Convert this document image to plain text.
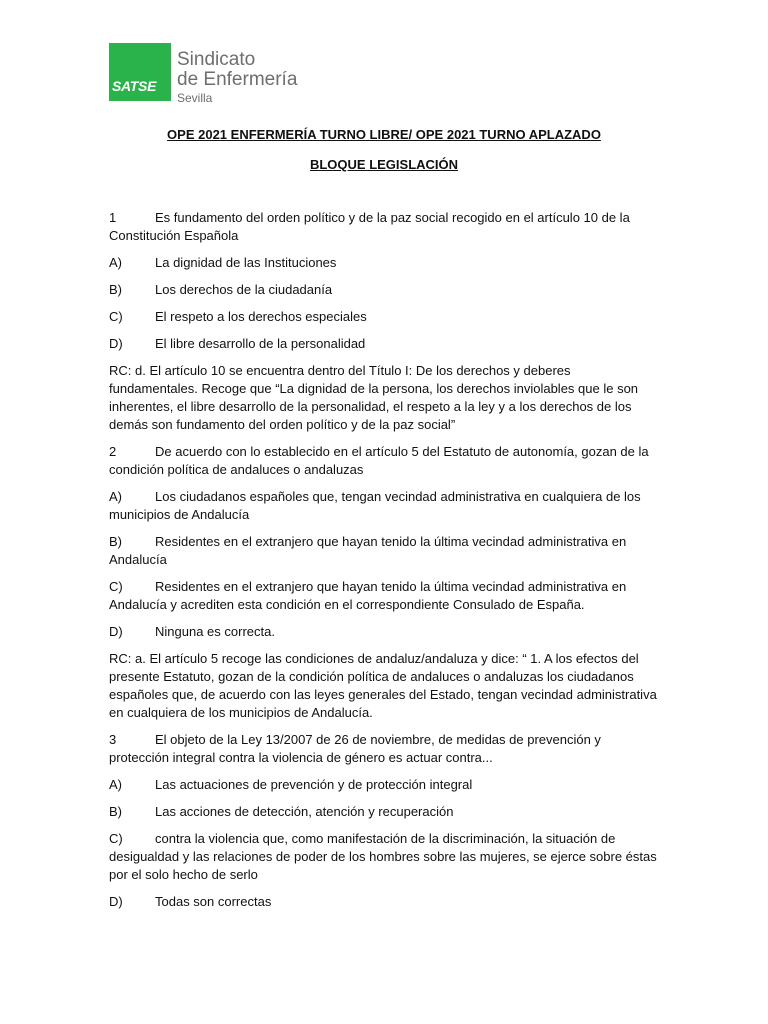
SATSE
Sindicato
de Enfermería
Sevilla
OPE 2021 ENFERMERÍA TURNO LIBRE/ OPE 2021 TURNO APLAZADO
BLOQUE LEGISLACIÓN

1	Es fundamento del orden político y de la paz social recogido en el artículo 10 de la Constitución Española

A)	La dignidad de las Instituciones

B)	Los derechos de la ciudadanía

C) El respeto a los derechos especiales

D) El libre desarrollo de la personalidad

RC: d. El artículo 10 se encuentra dentro del Título I: De los derechos y deberes fundamentales. Recoge que “La dignidad de la persona, los derechos inviolables que le son inherentes, el libre desarrollo de la personalidad, el respeto a la ley y a los derechos de los demás son fundamento del orden político y de la paz social”

2	De acuerdo con lo establecido en el artículo 5 del Estatuto de autonomía, gozan de la condición política de andaluces o andaluzas

A)	Los ciudadanos españoles que, tengan vecindad administrativa en cualquiera de los municipios de Andalucía

B)	Residentes en el extranjero que hayan tenido la última vecindad administrativa en Andalucía

C) Residentes en el extranjero que hayan tenido la última vecindad administrativa en Andalucía y acrediten esta condición en el correspondiente Consulado de España.

D) Ninguna es correcta.

RC: a. El artículo 5 recoge las condiciones de andaluz/andaluza y dice: “ 1. A los efectos del presente Estatuto, gozan de la condición política de andaluces o andaluzas los ciudadanos españoles que, de acuerdo con las leyes generales del Estado, tengan vecindad administrativa en cualquiera de los municipios de Andalucía.

3	El objeto de la Ley 13/2007 de 26 de noviembre, de medidas de prevención y protección integral contra la violencia de género es actuar contra...

A)	Las actuaciones de prevención y de protección integral

B)	Las acciones de detección, atención y recuperación

C) contra la violencia que, como manifestación de la discriminación, la situación de desigualdad y las relaciones de poder de los hombres sobre las mujeres, se ejerce sobre éstas por el solo hecho de serlo

D) Todas son correctas
